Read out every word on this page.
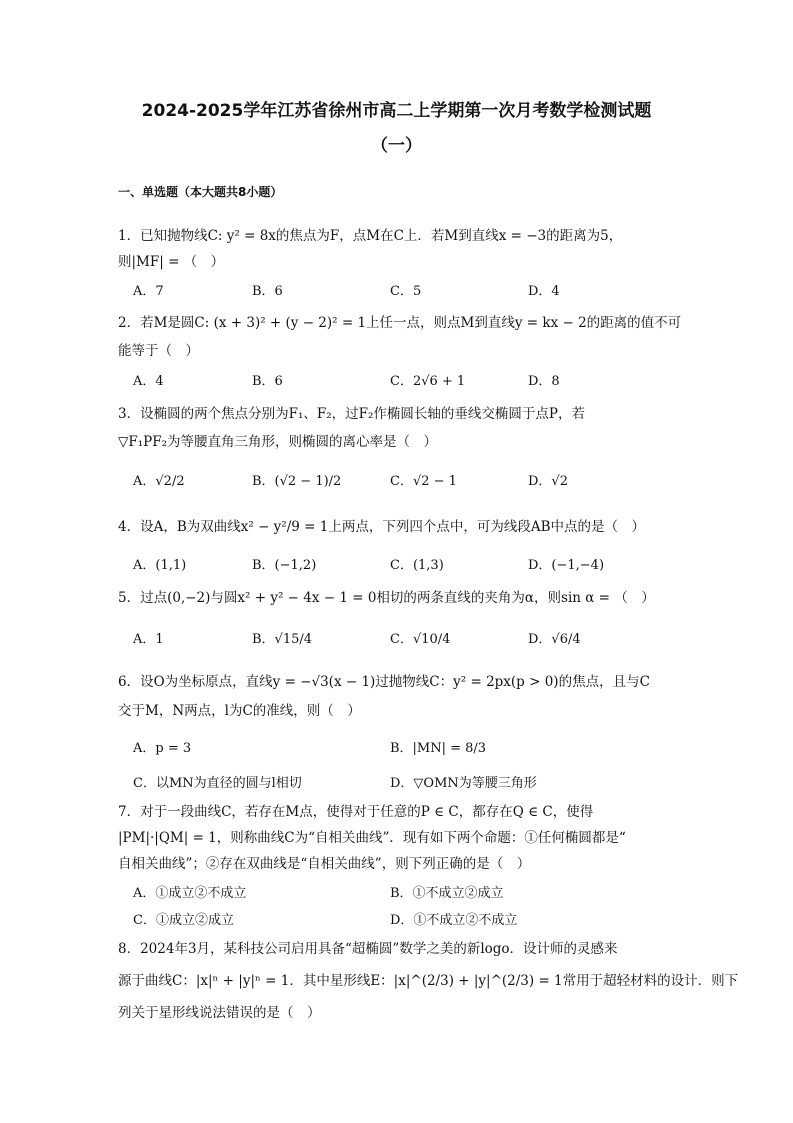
2024-2025学年江苏省徐州市高二上学期第一次月考数学检测试题
（一）
一、单选题（本大题共8小题）
1．已知抛物线C: y² = 8x的焦点为F，点M在C上．若M到直线x = −3的距离为5，
则|MF| = （　）
A．7	B．6	C．5	D．4
2．若M是圆C: (x + 3)² + (y − 2)² = 1上任一点，则点M到直线y = kx − 2的距离的值不可
能等于（　）
A．4	B．6	C．2√6 + 1	D．8
3．设椭圆的两个焦点分别为F₁、F₂，过F₂作椭圆长轴的垂线交椭圆于点P，若
▽F₁PF₂为等腰直角三角形，则椭圆的离心率是（　）
A．√2/2	B．(√2 − 1)/2	C．√2 − 1	D．√2
4．设A，B为双曲线x² − y²/9 = 1上两点，下列四个点中，可为线段AB中点的是（　）
A．(1,1)	B．(−1,2)	C．(1,3)	D．(−1,−4)
5．过点(0,−2)与圆x² + y² − 4x − 1 = 0相切的两条直线的夹角为α，则sin α = （　）
A．1	B．√15/4	C．√10/4	D．√6/4
6．设O为坐标原点，直线y = −√3(x − 1)过抛物线C：y² = 2px(p > 0)的焦点，且与C
交于M，N两点，l为C的准线，则（　）
A．p = 3	B．|MN| = 8/3
C．以MN为直径的圆与l相切	D．▽OMN为等腰三角形
7．对于一段曲线C，若存在M点，使得对于任意的P ∈ C，都存在Q ∈ C，使得
|PM|·|QM| = 1，则称曲线C为“自相关曲线”．现有如下两个命题：①任何椭圆都是“
自相关曲线”；②存在双曲线是“自相关曲线”，则下列正确的是（　）
A．①成立②不成立	B．①不成立②成立
C．①成立②成立	D．①不成立②不成立
8．2024年3月，某科技公司启用具备“超椭圆”数学之美的新logo．设计师的灵感来
源于曲线C：|x|ⁿ + |y|ⁿ = 1．其中星形线E：|x|^(2/3) + |y|^(2/3) = 1常用于超轻材料的设计．则下
列关于星形线说法错误的是（　）
